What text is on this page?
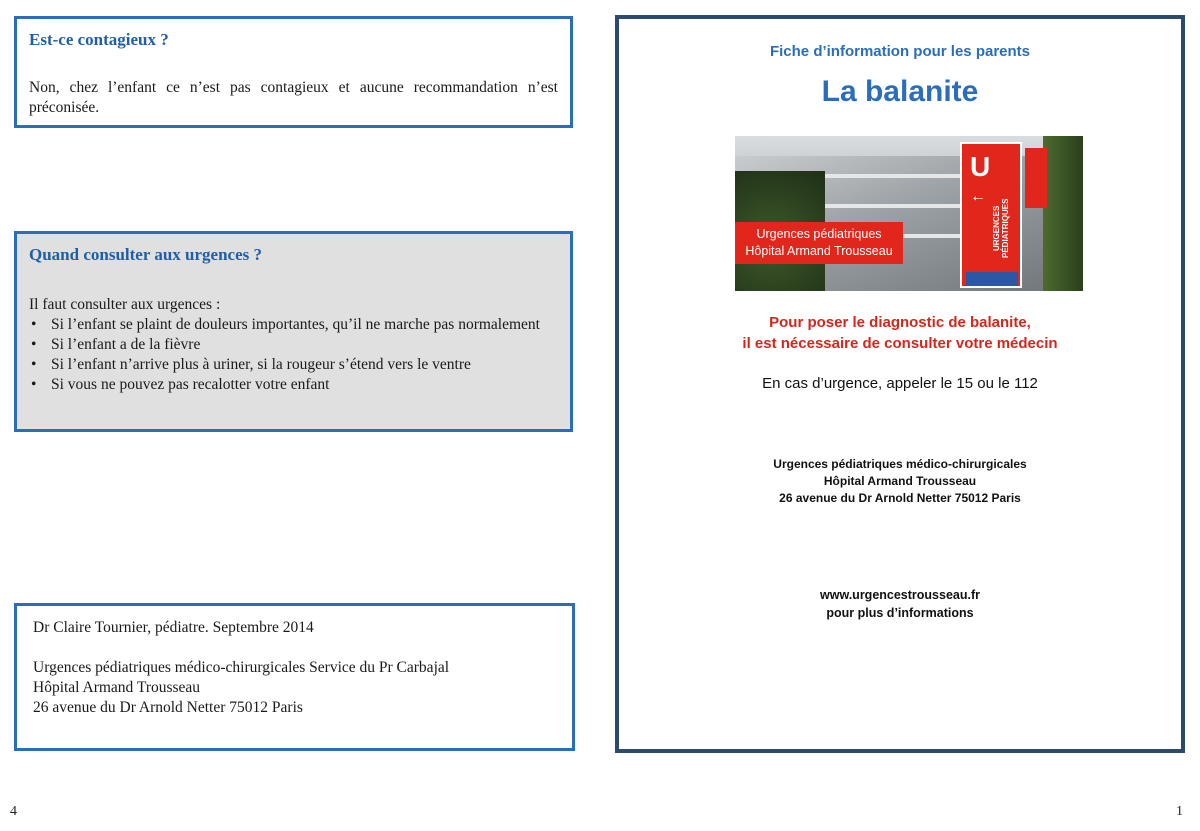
Est-ce contagieux ?
Non, chez l’enfant ce n’est pas contagieux et aucune recommandation n’est préconisée.
Quand consulter aux urgences ?
Il faut consulter aux urgences :
• Si l’enfant se plaint de douleurs importantes, qu’il ne marche pas normalement
• Si l’enfant a de la fièvre
• Si l’enfant n’arrive plus à uriner, si la rougeur s’étend vers le ventre
• Si vous ne pouvez pas recalotter votre enfant
Dr Claire Tournier, pédiatre. Septembre 2014
Urgences pédiatriques médico-chirurgicales Service du Pr Carbajal
Hôpital Armand Trousseau
26 avenue du Dr Arnold Netter 75012 Paris
4
Fiche d’information pour les parents
La balanite
U
←
URGENCES PÉDIATRIQUES
Urgences pédiatriques
Hôpital Armand Trousseau
Pour poser le diagnostic de balanite,
il est nécessaire de consulter votre médecin
En cas d’urgence, appeler le 15 ou le 112
Urgences pédiatriques médico-chirurgicales
Hôpital Armand Trousseau
26 avenue du Dr Arnold Netter 75012 Paris
www.urgencestrousseau.fr
pour plus d’informations
1
